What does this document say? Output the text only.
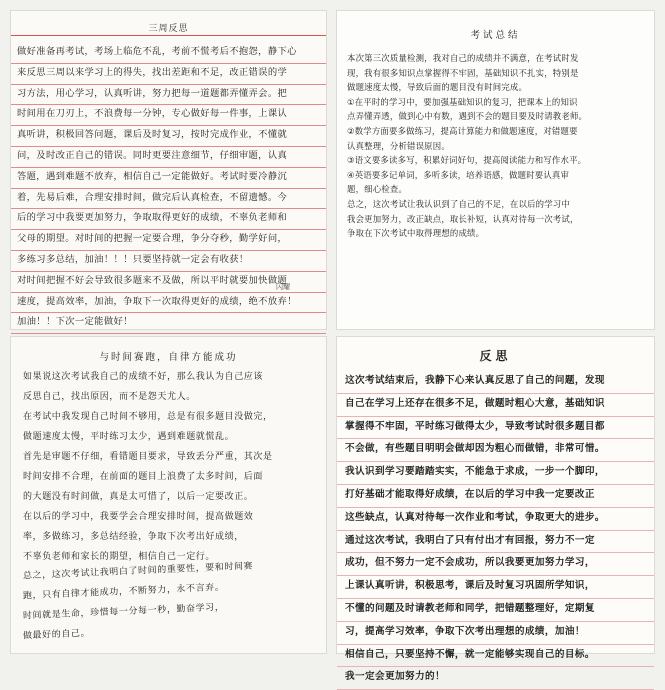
三周反思
做好准备再考试，考场上临危不乱，考前不慌考后不抱怨，静下心
来反思三周以来学习上的得失，找出差距和不足，改正错误的学
习方法，用心学习，认真听讲，努力把每一道题都弄懂弄会。把
时间用在刀刃上，不浪费每一分钟，专心做好每一件事，上课认
真听讲，积极回答问题，课后及时复习，按时完成作业，不懂就
问，及时改正自己的错误。同时更要注意细节，仔细审题，认真
答题，遇到难题不放弃，相信自己一定能做好。考试时要冷静沉
着，先易后难，合理安排时间，做完后认真检查，不留遗憾。今
后的学习中我要更加努力，争取取得更好的成绩，不辜负老师和
父母的期望。对时间的把握一定要合理，争分夺秒，勤学好问，
多练习多总结，加油！！！只要坚持就一定会有收获！
对时间把握不好会导致很多题来不及做，所以平时就要加快做题
速度，提高效率，加油，争取下一次取得更好的成绩，绝不放弃！
加油！！下次一定能做好！
闪耀
考试总结
本次第三次质量检测，我对自己的成绩并不满意，在考试时发
现，我有很多知识点掌握得不牢固，基础知识不扎实，特别是
做题速度太慢，导致后面的题目没有时间完成。
①在平时的学习中，要加强基础知识的复习，把课本上的知识
点弄懂弄透，做到心中有数，遇到不会的题目要及时请教老师。
②数学方面要多做练习，提高计算能力和做题速度，对错题要
认真整理，分析错误原因。
③语文要多读多写，积累好词好句，提高阅读能力和写作水平。
④英语要多记单词，多听多读，培养语感，做题时要认真审
题，细心检查。
总之，这次考试让我认识到了自己的不足，在以后的学习中
我会更加努力，改正缺点，取长补短，认真对待每一次考试，
争取在下次考试中取得理想的成绩。
与时间赛跑，自律方能成功
如果说这次考试我自己的成绩不好，那么我认为自己应该
反思自己，找出原因，而不是怨天尤人。
在考试中我发现自己时间不够用，总是有很多题目没做完，
做题速度太慢，平时练习太少，遇到难题就慌乱。
首先是审题不仔细，看错题目要求，导致丢分严重，其次是
时间安排不合理，在前面的题目上浪费了太多时间，后面
的大题没有时间做，真是太可惜了，以后一定要改正。
在以后的学习中，我要学会合理安排时间，提高做题效
率，多做练习，多总结经验，争取下次考出好成绩，
不辜负老师和家长的期望，相信自己一定行。
总之，这次考试让我明白了时间的重要性，要和时间赛
跑，只有自律才能成功，不断努力，永不言弃。
时间就是生命，珍惜每一分每一秒，勤奋学习，
做最好的自己。
反思
这次考试结束后，我静下心来认真反思了自己的问题，发现
自己在学习上还存在很多不足，做题时粗心大意，基础知识
掌握得不牢固，平时练习做得太少，导致考试时很多题目都
不会做，有些题目明明会做却因为粗心而做错，非常可惜。
我认识到学习要踏踏实实，不能急于求成，一步一个脚印，
打好基础才能取得好成绩，在以后的学习中我一定要改正
这些缺点，认真对待每一次作业和考试，争取更大的进步。
通过这次考试，我明白了只有付出才有回报，努力不一定
成功，但不努力一定不会成功，所以我要更加努力学习，
上课认真听讲，积极思考，课后及时复习巩固所学知识，
不懂的问题及时请教老师和同学，把错题整理好，定期复
习，提高学习效率，争取下次考出理想的成绩，加油！
相信自己，只要坚持不懈，就一定能够实现自己的目标。
我一定会更加努力的！
